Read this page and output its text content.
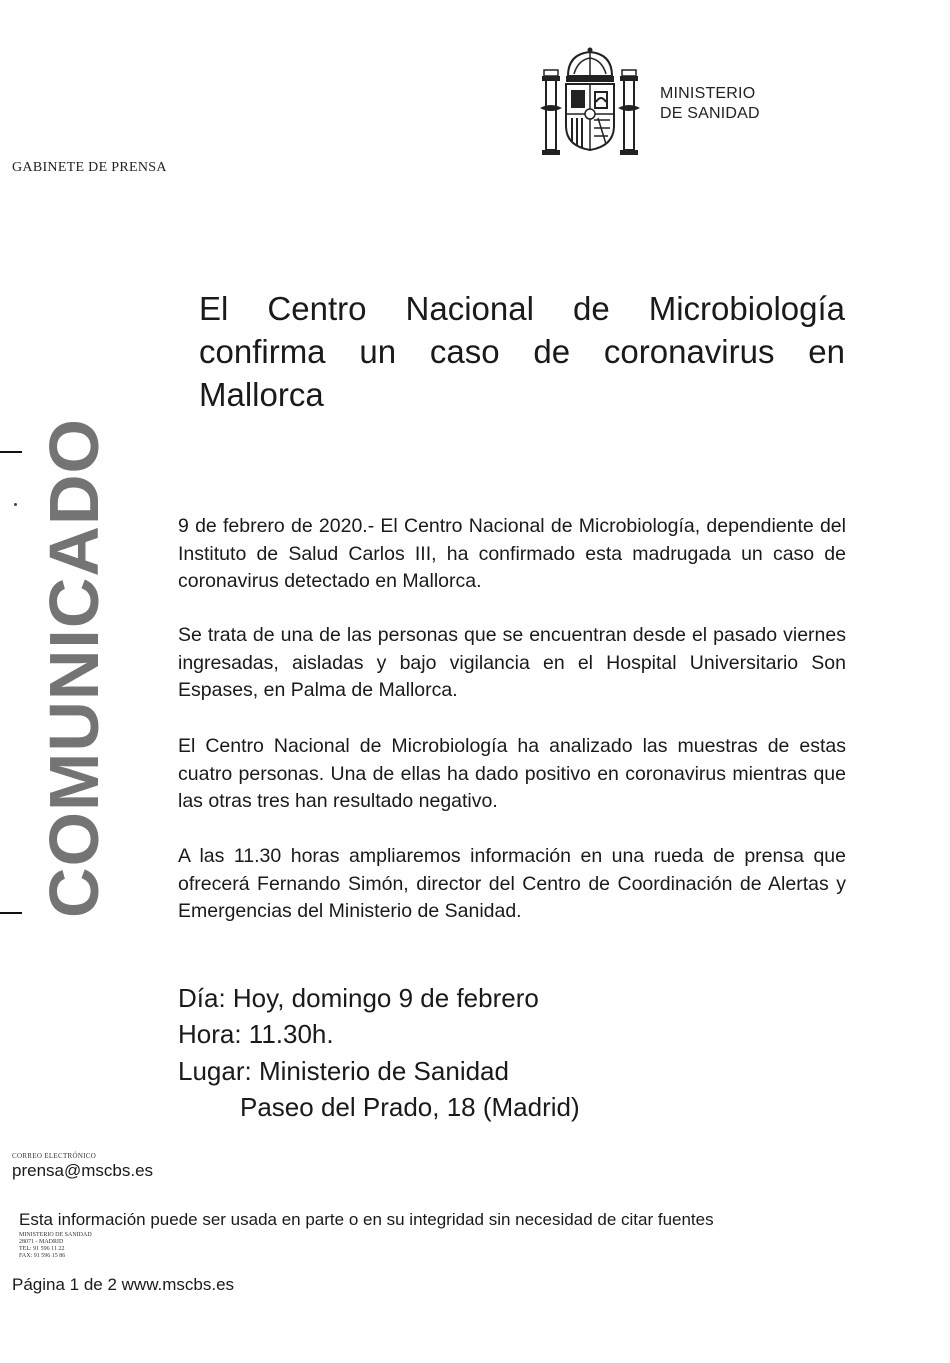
MINISTERIO
DE SANIDAD
GABINETE DE PRENSA
COMUNICADO
El Centro Nacional de Microbiología confirma un caso de coronavirus en Mallorca
9 de febrero de 2020.- El Centro Nacional de Microbiología, dependiente del Instituto de Salud Carlos III, ha confirmado esta madrugada un caso de coronavirus detectado en Mallorca.
Se trata de una de las personas que se encuentran desde el pasado viernes ingresadas, aisladas y bajo vigilancia en el Hospital Universitario Son Espases, en Palma de Mallorca.
El Centro Nacional de Microbiología ha analizado las muestras de estas cuatro personas. Una de ellas ha dado positivo en coronavirus mientras que las otras tres han resultado negativo.
A las 11.30 horas ampliaremos información en una rueda de prensa que ofrecerá Fernando Simón, director del Centro de Coordinación de Alertas y Emergencias del Ministerio de Sanidad.
Día: Hoy, domingo 9 de febrero
Hora: 11.30h.
Lugar: Ministerio de Sanidad
Paseo del Prado, 18 (Madrid)
CORREO ELECTRÓNICO
prensa@mscbs.es
Esta información puede ser usada en parte o en su integridad sin necesidad de citar fuentes
MINISTERIO DE SANIDAD
28071 - MADRID
TEL: 91 596 11 22
FAX: 91 596 15 86
Página 1 de 2 www.mscbs.es
